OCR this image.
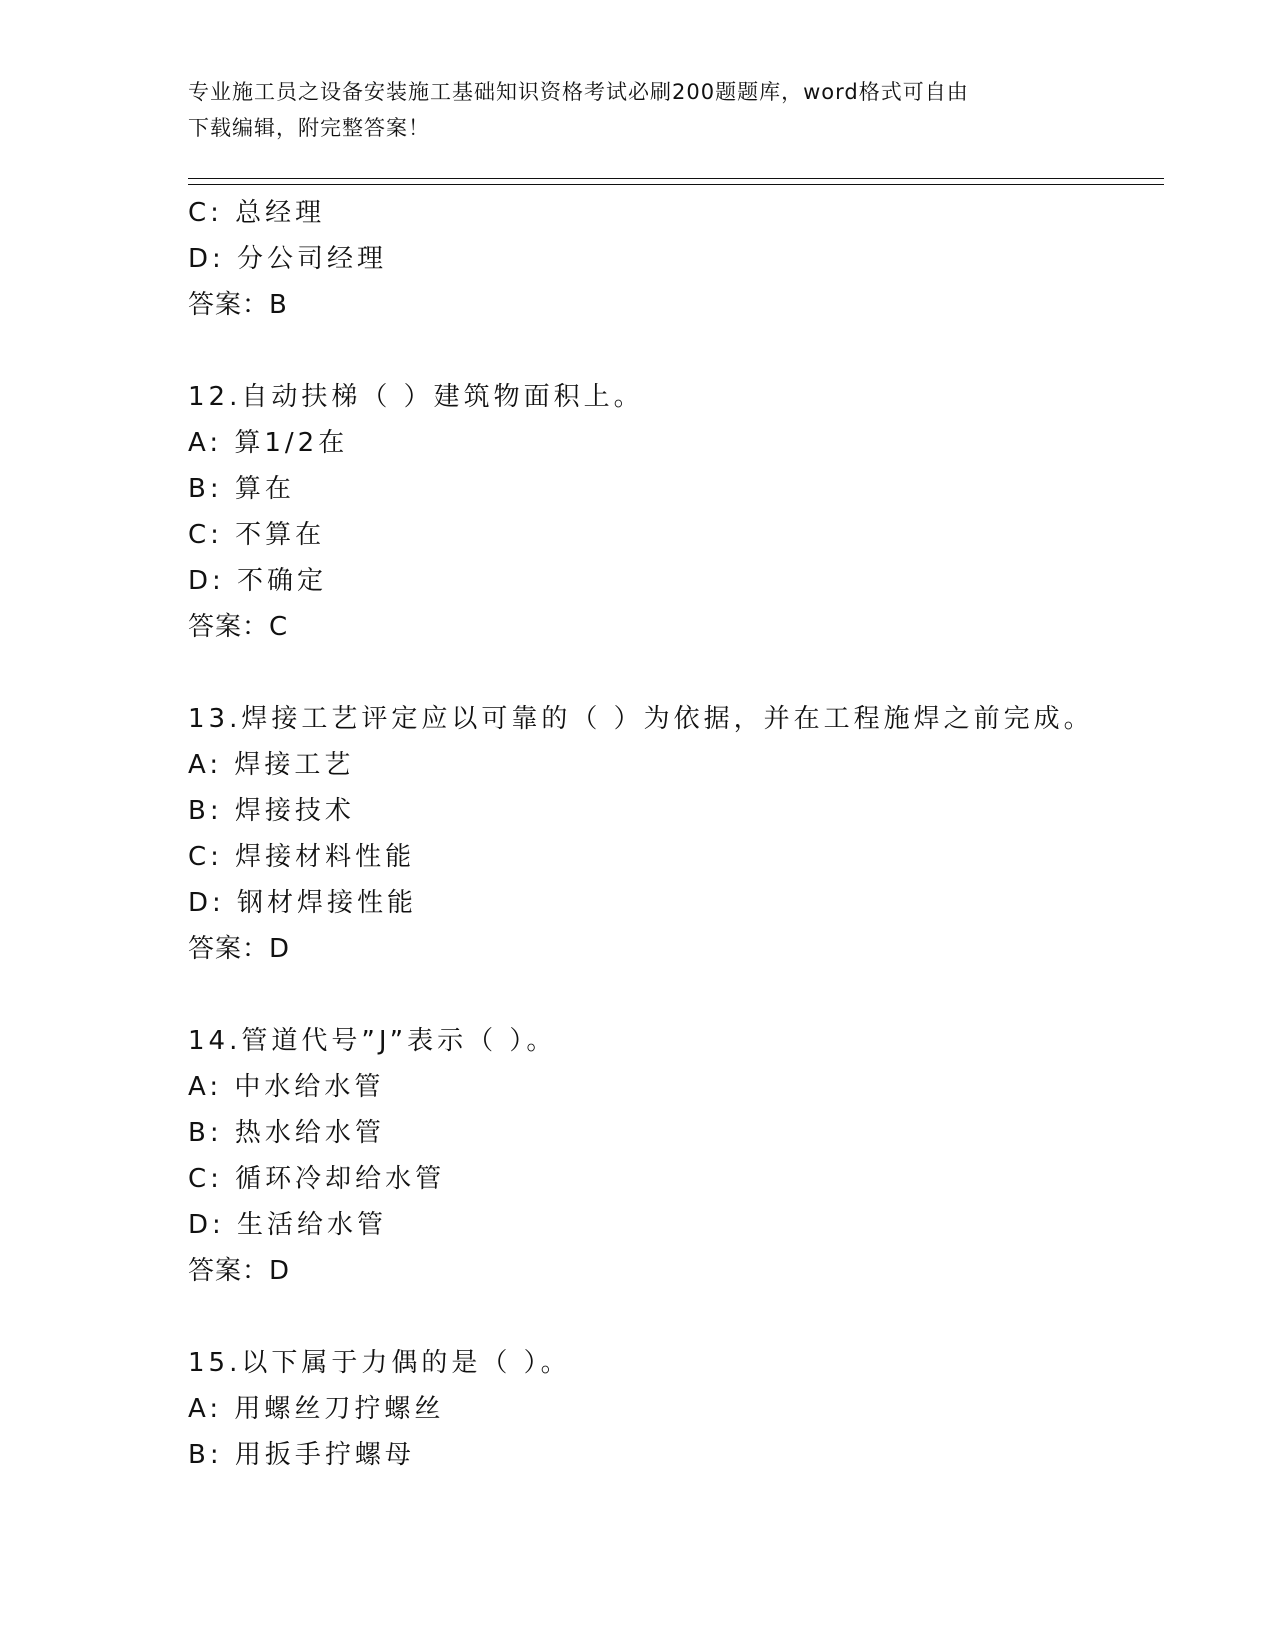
专业施工员之设备安装施工基础知识资格考试必刷200题题库，word格式可自由
下载编辑，附完整答案！
C: 总经理
D: 分公司经理
答案：B
12.自动扶梯（ ）建筑物面积上。
A: 算1/2在
B: 算在
C: 不算在
D: 不确定
答案：C
13.焊接工艺评定应以可靠的（ ）为依据，并在工程施焊之前完成。
A: 焊接工艺
B: 焊接技术
C: 焊接材料性能
D: 钢材焊接性能
答案：D
14.管道代号”J”表示（ ）。
A: 中水给水管
B: 热水给水管
C: 循环冷却给水管
D: 生活给水管
答案：D
15.以下属于力偶的是（ ）。
A: 用螺丝刀拧螺丝
B: 用扳手拧螺母
